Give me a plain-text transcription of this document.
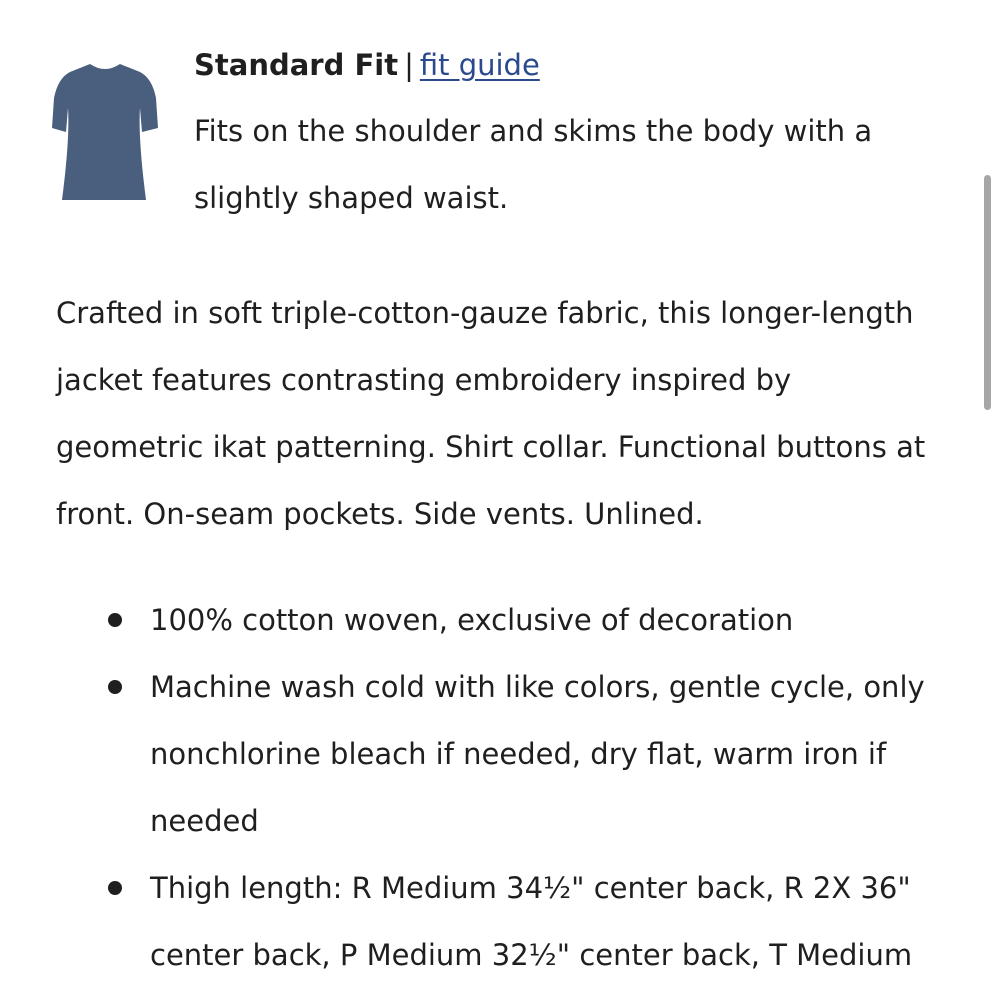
Standard Fit | fit guide
Fits on the shoulder and skims the body with a slightly shaped waist.
Crafted in soft triple-cotton-gauze fabric, this longer-length jacket features contrasting embroidery inspired by geometric ikat patterning. Shirt collar. Functional buttons at front. On-seam pockets. Side vents. Unlined.
100% cotton woven, exclusive of decoration
Machine wash cold with like colors, gentle cycle, only nonchlorine bleach if needed, dry flat, warm iron if needed
Thigh length: R Medium 34½" center back, R 2X 36" center back, P Medium 32½" center back, T Medium
